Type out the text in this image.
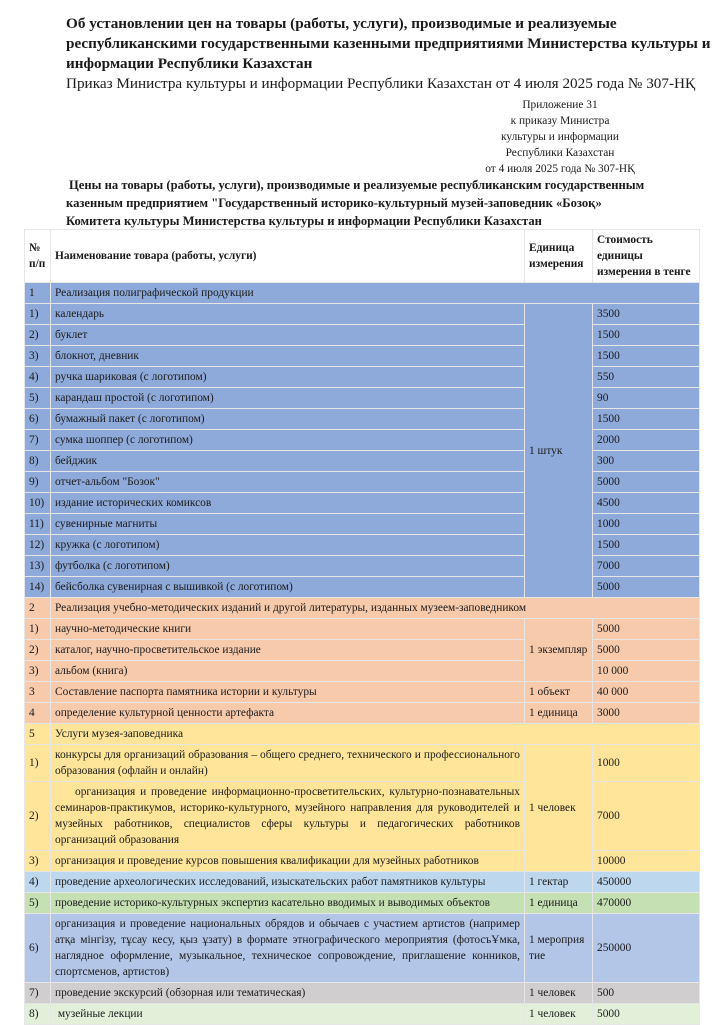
Об установлении цен на товары (работы, услуги), производимые и реализуемые республиканскими государственными казенными предприятиями Министерства культуры и информации Республики Казахстан
Приказ Министра культуры и информации Республики Казахстан от 4 июля 2025 года № 307-НҚ
Приложение 31
к приказу Министра
культуры и информации
Республики Казахстан
от 4 июля 2025 года № 307-НҚ
Цены на товары (работы, услуги), производимые и реализуемые республиканским государственным
казенным предприятием "Государственный историко-культурный музей-заповедник «Бозоқ»
Комитета культуры Министерства культуры и информации Республики Казахстан
№ п/п	Наименование товара (работы, услуги)	Единица измерения	Стоимость единицы измерения в тенге
1	Реализация полиграфической продукции		
1)	календарь	1 штук	3500
2)	буклет		1500
3)	блокнот, дневник		1500
4)	ручка шариковая (с логотипом)		550
5)	карандаш простой (с логотипом)		90
6)	бумажный пакет (с логотипом)		1500
7)	сумка шоппер (с логотипом)		2000
8)	бейджик		300
9)	отчет-альбом "Бозок"		5000
10)	издание исторических комиксов		4500
11)	сувенирные магниты		1000
12)	кружка (с логотипом)		1500
13)	футболка (с логотипом)		7000
14)	бейсболка сувенирная с вышивкой (с логотипом)		5000
2	Реализация учебно-методических изданий и другой литературы, изданных музеем-заповедником		
1)	научно-методические книги	1 экземпляр	5000
2)	каталог, научно-просветительское издание		5000
3)	альбом (книга)		10 000
3	Составление паспорта памятника истории и культуры	1 объект	40 000
4	определение культурной ценности артефакта	1 единица	3000
5	Услуги музея-заповедника		
1)	конкурсы для организаций образования – общего среднего, технического и профессионального образования (офлайн и онлайн)	1 человек	1000
2)	организация и проведение информационно-просветительских, культурно-познавательных семинаров-практикумов, историко-культурного, музейного направления для руководителей и музейных работников, специалистов сферы культуры и педагогических работников организаций образования		7000
3)	организация и проведение курсов повышения квалификации для музейных работников		10000
4)	проведение археологических исследований, изыскательских работ памятников культуры	1 гектар	450000
5)	проведение историко-культурных экспертиз касательно вводимых и выводимых объектов	1 единица	470000
6)	организация и проведение национальных обрядов и обычаев с участием артистов (например атқа мінгізу, тұсау кесу, қыз ұзату) в формате этнографического мероприятия (фотосъҰмка, наглядное оформление, музыкальное, техническое сопровождение, приглашение конников, спортсменов, артистов)	1 мероприятие	250000
7)	проведение экскурсий (обзорная или тематическая)	1 человек	500
8)	музейные лекции	1 человек	5000
